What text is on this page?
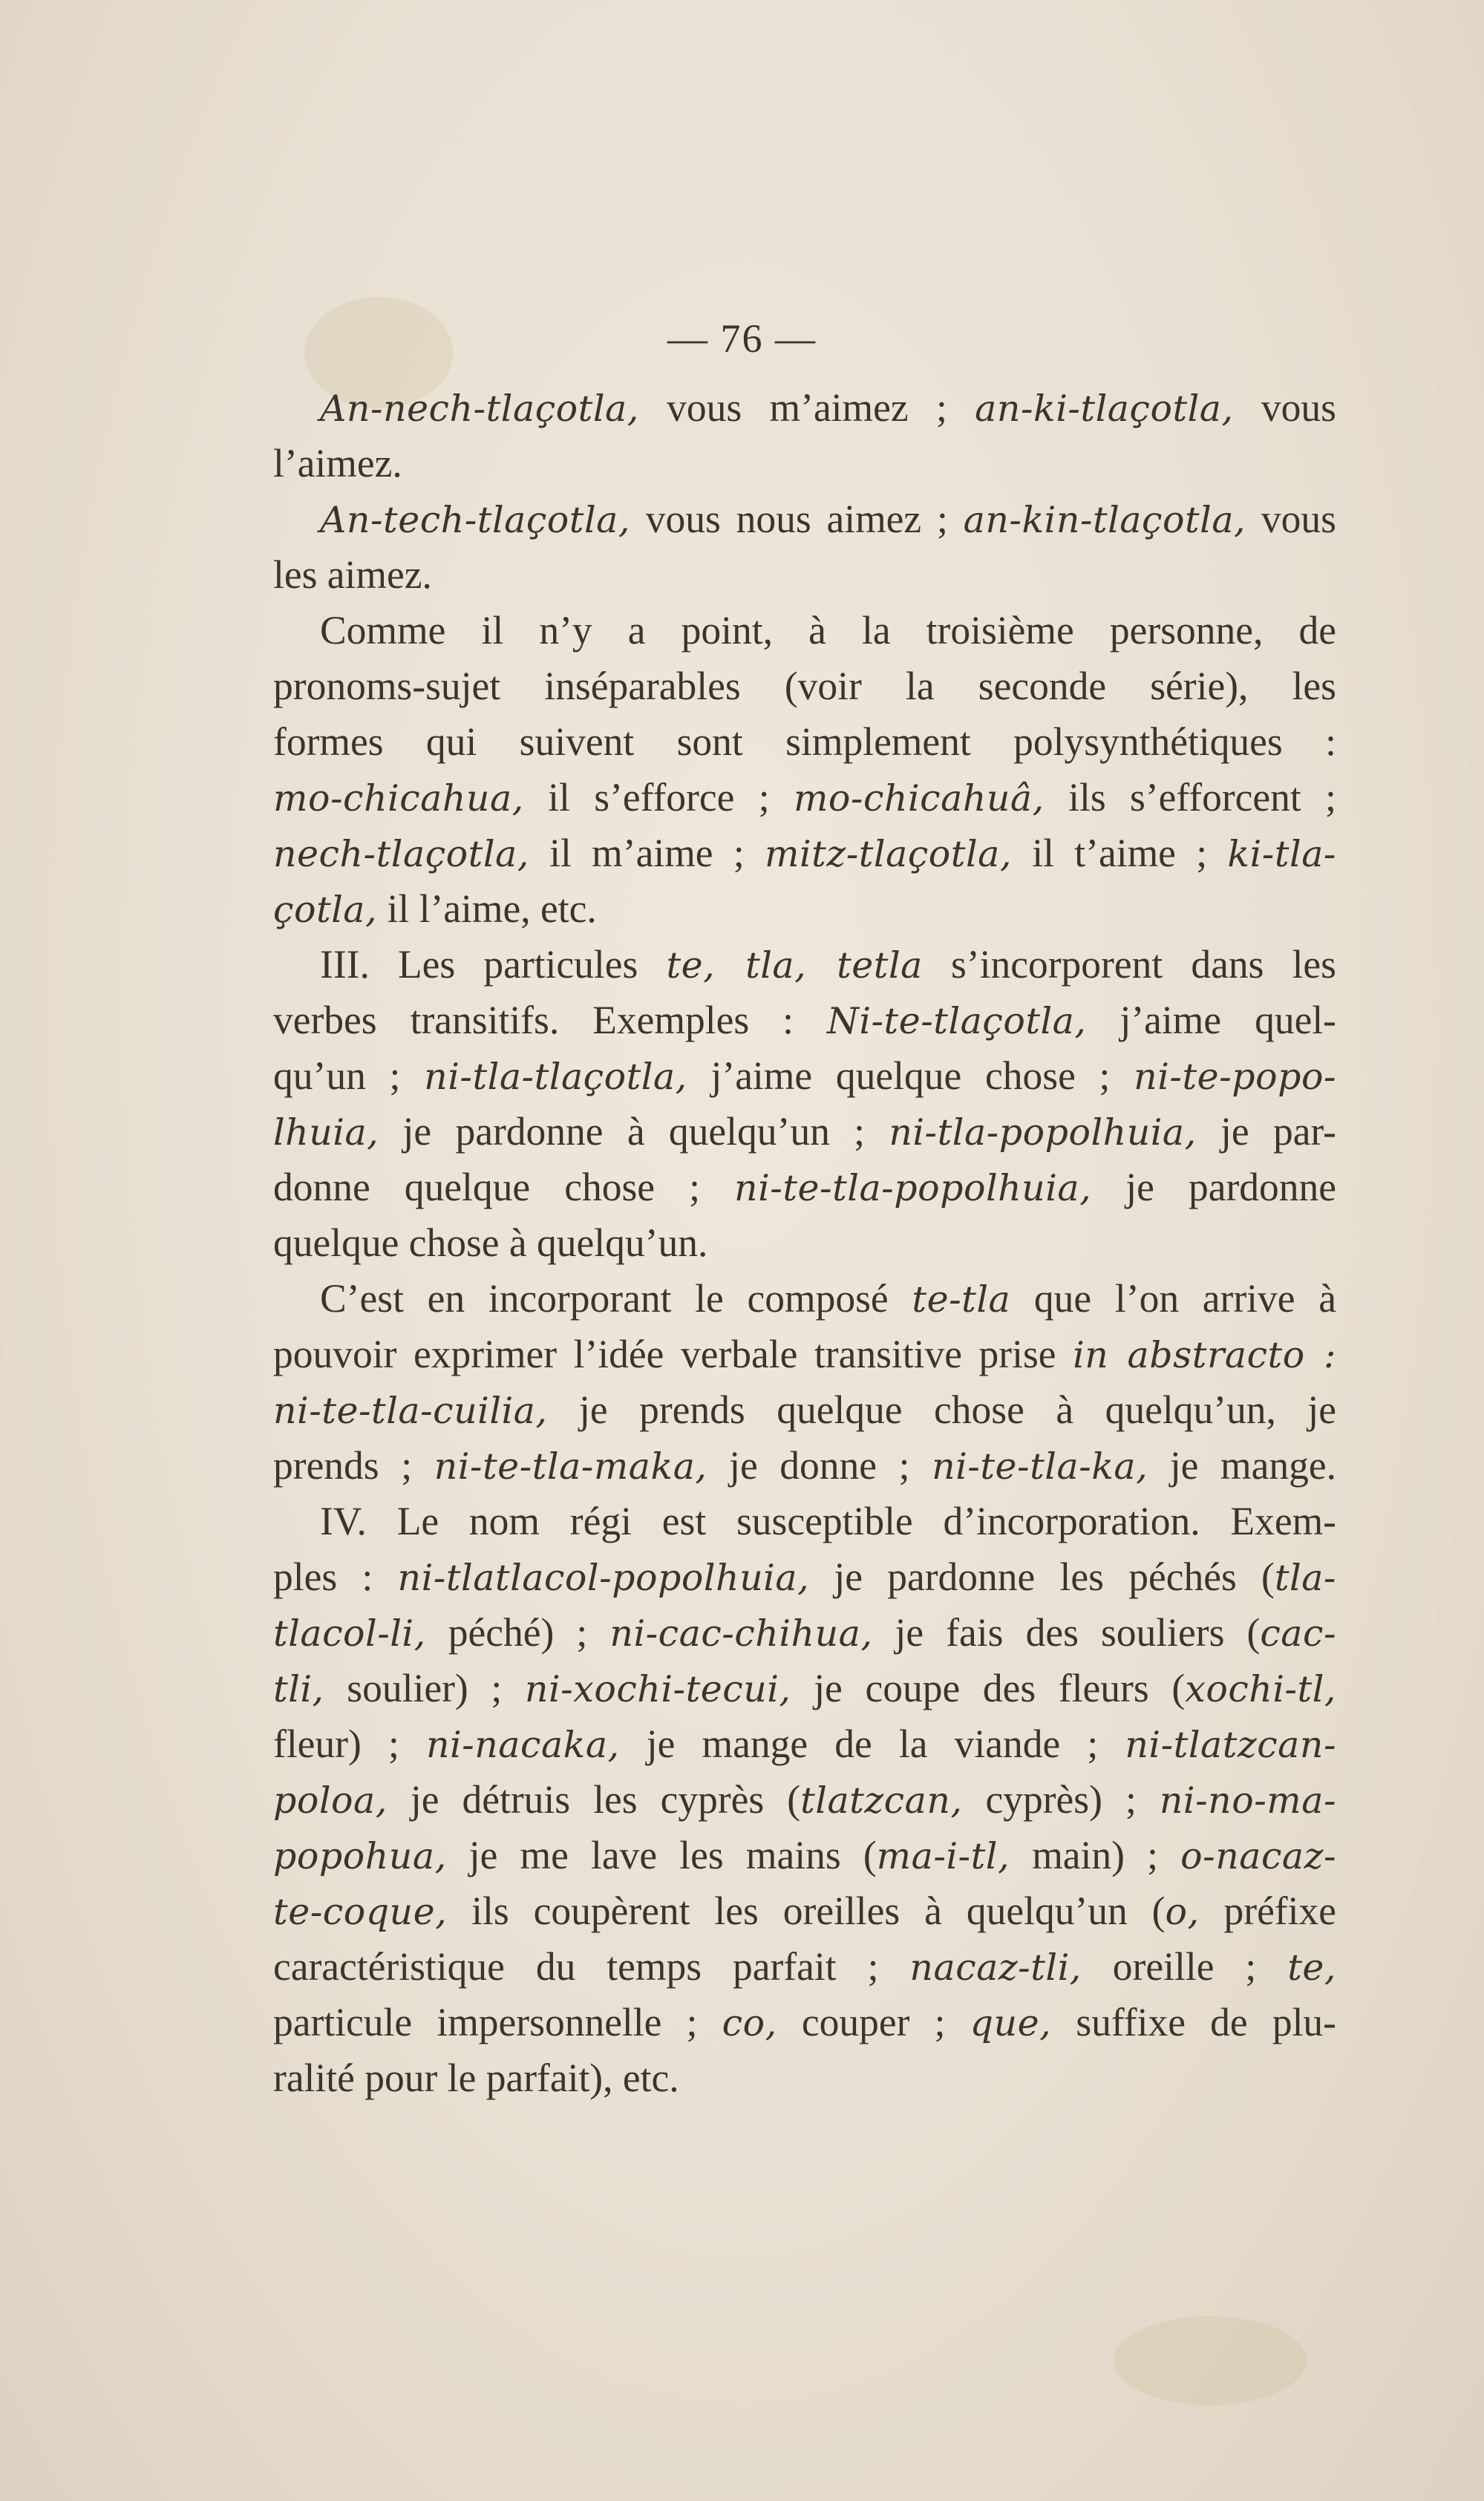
— 76 —
An-nech-tlaçotla, vous m’aimez ; an-ki-tlaçotla, vous
l’aimez.
An-tech-tlaçotla, vous nous aimez ; an-kin-tlaçotla, vous
les aimez.
Comme il n’y a point, à la troisième personne, de
pronoms-sujet inséparables (voir la seconde série), les
formes qui suivent sont simplement polysynthétiques :
mo-chicahua, il s’efforce ; mo-chicahuâ, ils s’efforcent ;
nech-tlaçotla, il m’aime ; mitz-tlaçotla, il t’aime ; ki-tla-
çotla, il l’aime, etc.
III. Les particules te, tla, tetla s’incorporent dans les
verbes transitifs. Exemples : Ni-te-tlaçotla, j’aime quel-
qu’un ; ni-tla-tlaçotla, j’aime quelque chose ; ni-te-popo-
lhuia, je pardonne à quelqu’un ; ni-tla-popolhuia, je par-
donne quelque chose ; ni-te-tla-popolhuia, je pardonne
quelque chose à quelqu’un.
C’est en incorporant le composé te-tla que l’on arrive à
pouvoir exprimer l’idée verbale transitive prise in abstracto :
ni-te-tla-cuilia, je prends quelque chose à quelqu’un, je
prends ; ni-te-tla-maka, je donne ; ni-te-tla-ka, je mange.
IV. Le nom régi est susceptible d’incorporation. Exem-
ples : ni-tlatlacol-popolhuia, je pardonne les péchés (tla-
tlacol-li, péché) ; ni-cac-chihua, je fais des souliers (cac-
tli, soulier) ; ni-xochi-tecui, je coupe des fleurs (xochi-tl,
fleur) ; ni-nacaka, je mange de la viande ; ni-tlatzcan-
poloa, je détruis les cyprès (tlatzcan, cyprès) ; ni-no-ma-
popohua, je me lave les mains (ma-i-tl, main) ; o-nacaz-
te-coque, ils coupèrent les oreilles à quelqu’un (o, préfixe
caractéristique du temps parfait ; nacaz-tli, oreille ; te,
particule impersonnelle ; co, couper ; que, suffixe de plu-
ralité pour le parfait), etc.
